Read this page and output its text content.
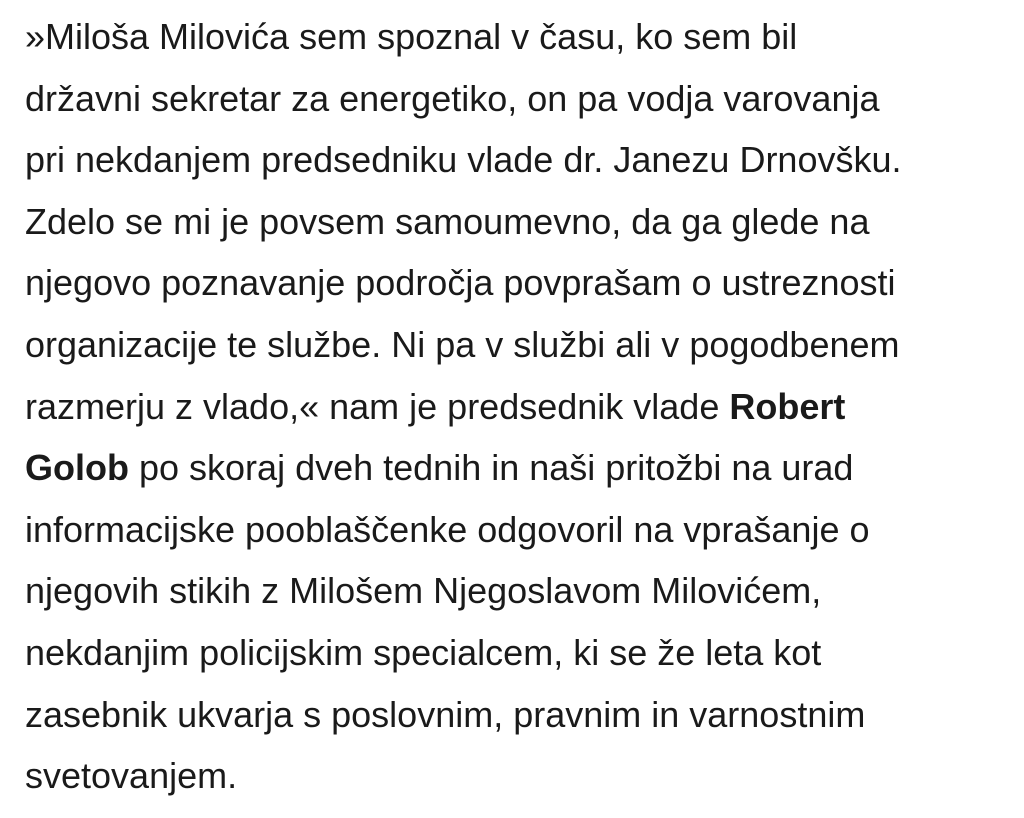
»Miloša Milovića sem spoznal v času, ko sem bil
državni sekretar za energetiko, on pa vodja varovanja
pri nekdanjem predsedniku vlade dr. Janezu Drnovšku.
Zdelo se mi je povsem samoumevno, da ga glede na
njegovo poznavanje področja povprašam o ustreznosti
organizacije te službe. Ni pa v službi ali v pogodbenem
razmerju z vlado,« nam je predsednik vlade Robert
Golob po skoraj dveh tednih in naši pritožbi na urad
informacijske pooblaščenke odgovoril na vprašanje o
njegovih stikih z Milošem Njegoslavom Milovićem,
nekdanjim policijskim specialcem, ki se že leta kot
zasebnik ukvarja s poslovnim, pravnim in varnostnim
svetovanjem.
